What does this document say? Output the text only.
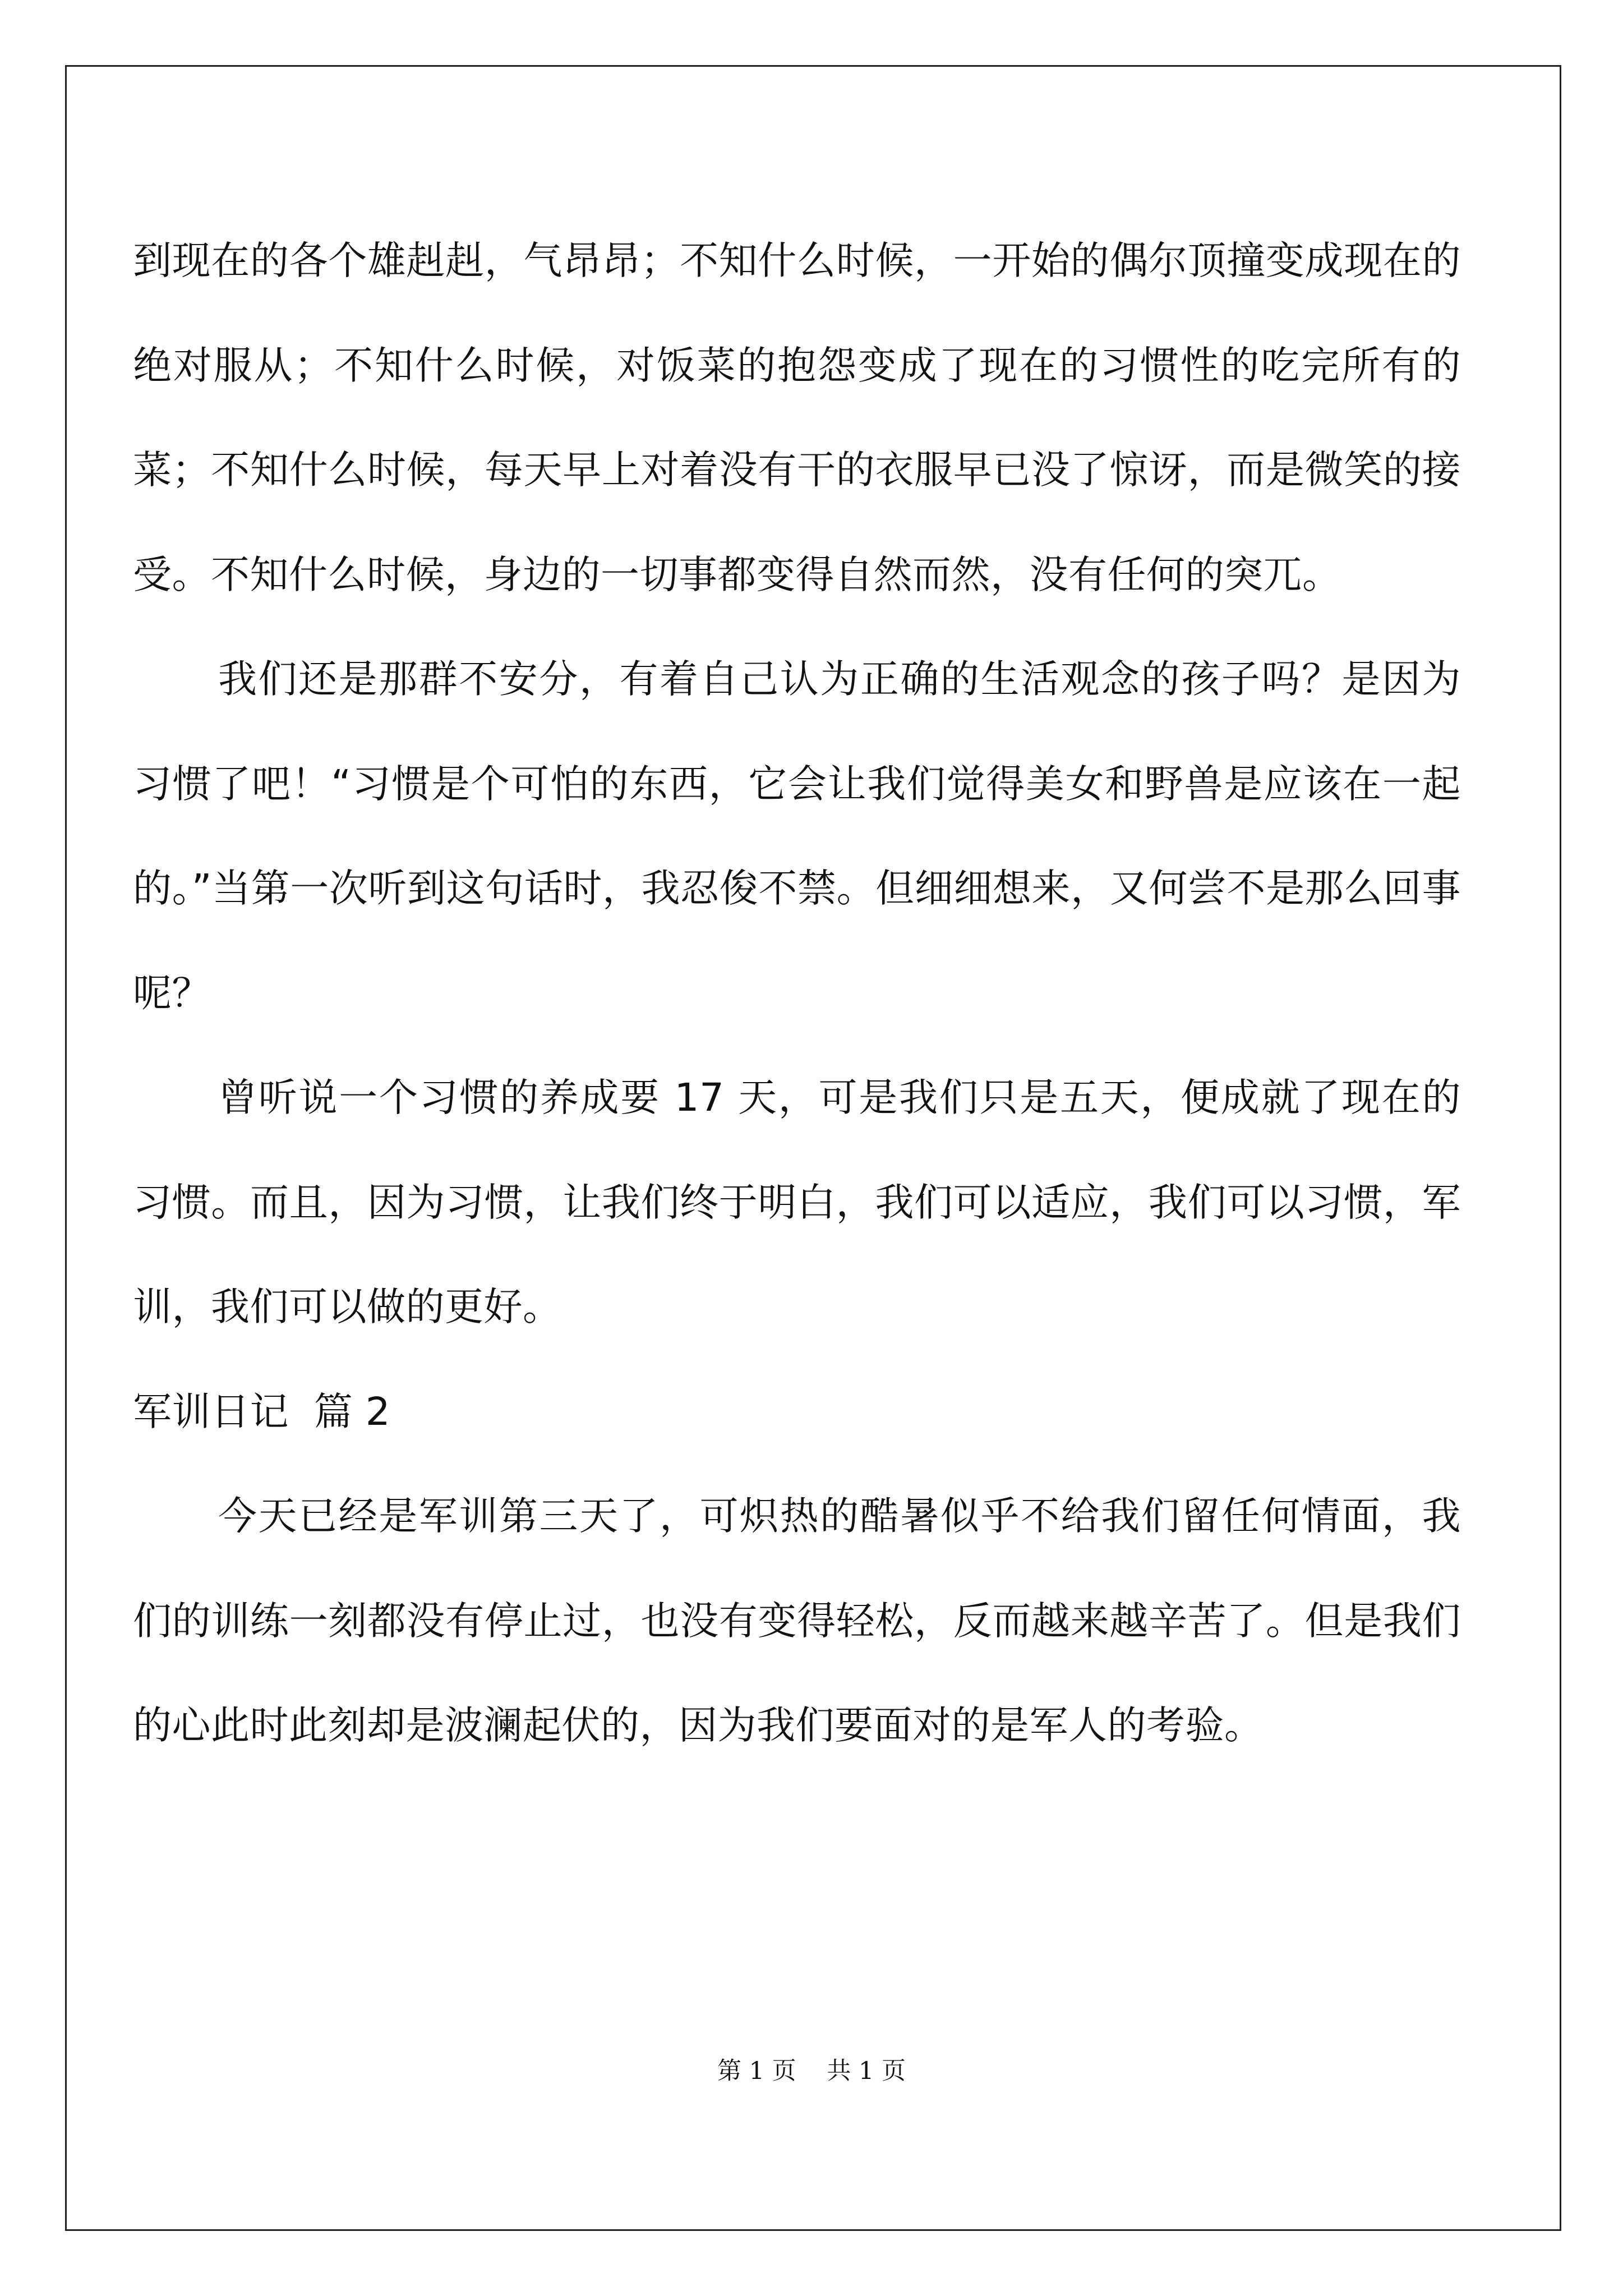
到现在的各个雄赳赳，气昂昂；不知什么时候，一开始的偶尔顶撞变成现在的绝对服从；不知什么时候，对饭菜的抱怨变成了现在的习惯性的吃完所有的菜；不知什么时候，每天早上对着没有干的衣服早已没了惊讶，而是微笑的接受。不知什么时候，身边的一切事都变得自然而然，没有任何的突兀。

我们还是那群不安分，有着自己认为正确的生活观念的孩子吗？是因为习惯了吧！“习惯是个可怕的东西，它会让我们觉得美女和野兽是应该在一起的。”当第一次听到这句话时，我忍俊不禁。但细细想来，又何尝不是那么回事呢？

曾听说一个习惯的养成要 17 天，可是我们只是五天，便成就了现在的习惯。而且，因为习惯，让我们终于明白，我们可以适应，我们可以习惯，军训，我们可以做的更好。

军训日记  篇 2

今天已经是军训第三天了，可炽热的酷暑似乎不给我们留任何情面，我们的训练一刻都没有停止过，也没有变得轻松，反而越来越辛苦了。但是我们的心此时此刻却是波澜起伏的，因为我们要面对的是军人的考验。

第 1 页    共 1 页
